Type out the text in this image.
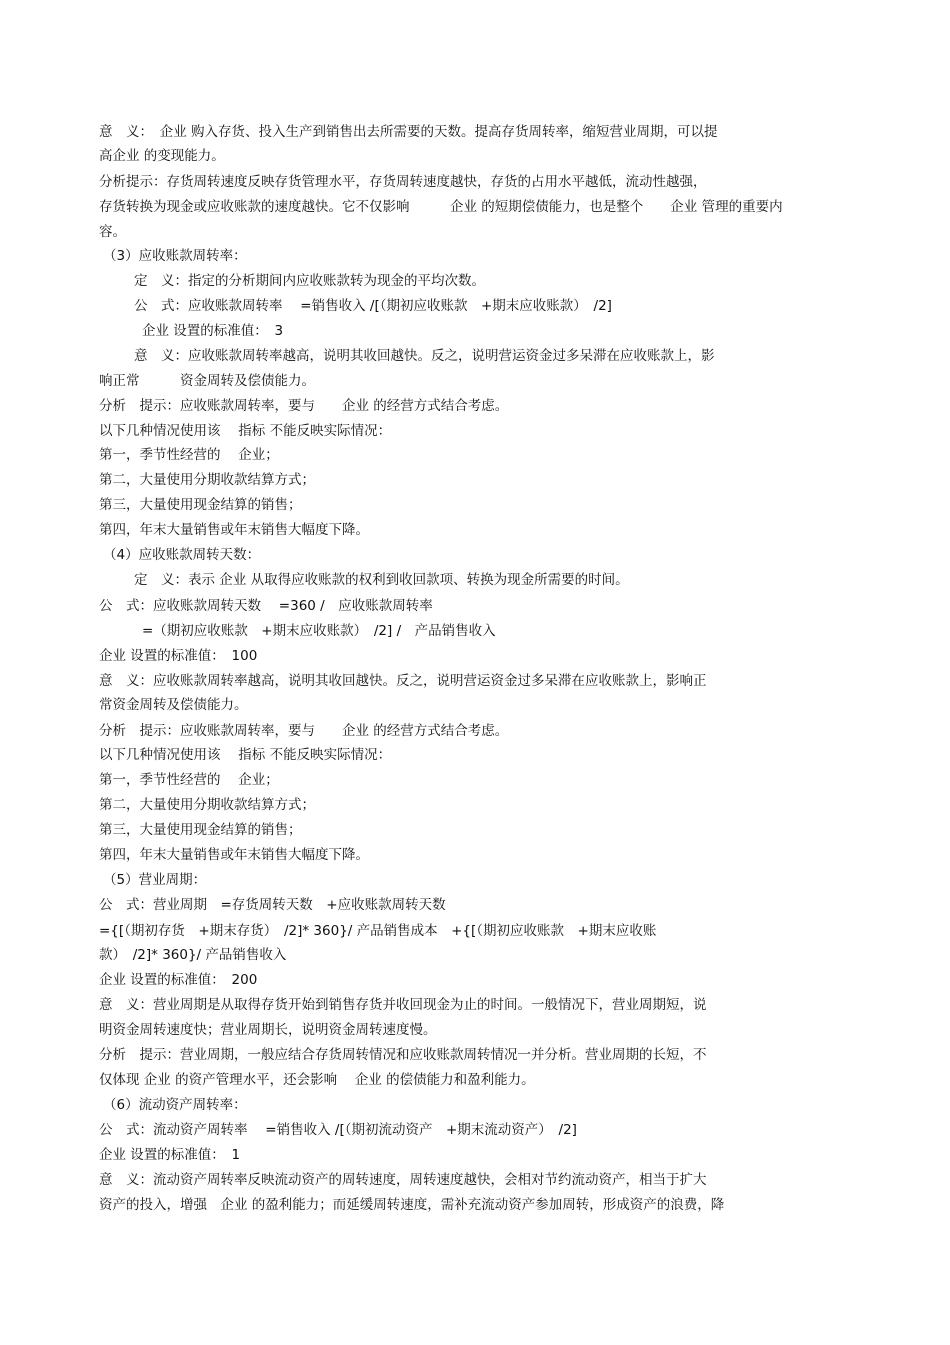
意　义：　企业 购入存货、投入生产到销售出去所需要的天数。提高存货周转率，缩短营业周期，可以提
高企业 的变现能力。
分析提示：存货周转速度反映存货管理水平，存货周转速度越快，存货的占用水平越低，流动性越强，
存货转换为现金或应收账款的速度越快。它不仅影响　　　企业 的短期偿债能力，也是整个　　企业 管理的重要内
容。
（3）应收账款周转率：
定　义：指定的分析期间内应收账款转为现金的平均次数。
公　式：应收账款周转率　 =销售收入 /[（期初应收账款　+期末应收账款）　/2]
企业 设置的标准值：　3
意　义：应收账款周转率越高，说明其收回越快。反之，说明营运资金过多呆滞在应收账款上，影
响正常　　　资金周转及偿债能力。
分析　提示：应收账款周转率，要与　　企业 的经营方式结合考虑。
以下几种情况使用该　 指标 不能反映实际情况：
第一，季节性经营的　 企业；
第二，大量使用分期收款结算方式；
第三，大量使用现金结算的销售；
第四，年末大量销售或年末销售大幅度下降。
（4）应收账款周转天数：
定　义：表示 企业 从取得应收账款的权利到收回款项、转换为现金所需要的时间。
公　式：应收账款周转天数　 =360 /　应收账款周转率
=（期初应收账款　+期末应收账款）　/2] /　产品销售收入
企业 设置的标准值：　100
意　义：应收账款周转率越高，说明其收回越快。反之，说明营运资金过多呆滞在应收账款上，影响正
常资金周转及偿债能力。
分析　提示：应收账款周转率，要与　　企业 的经营方式结合考虑。
以下几种情况使用该　 指标 不能反映实际情况：
第一，季节性经营的　 企业；
第二，大量使用分期收款结算方式；
第三，大量使用现金结算的销售；
第四，年末大量销售或年末销售大幅度下降。
（5）营业周期：
公　式：营业周期　=存货周转天数　+应收账款周转天数
={[（期初存货　+期末存货）　/2]* 360}/ 产品销售成本　+{[（期初应收账款　+期末应收账
款）　/2]* 360}/ 产品销售收入
企业 设置的标准值：　200
意　义：营业周期是从取得存货开始到销售存货并收回现金为止的时间。一般情况下，营业周期短，说
明资金周转速度快；营业周期长，说明资金周转速度慢。
分析　提示：营业周期，一般应结合存货周转情况和应收账款周转情况一并分析。营业周期的长短，不
仅体现 企业 的资产管理水平，还会影响　 企业 的偿债能力和盈利能力。
（6）流动资产周转率：
公　式：流动资产周转率　 =销售收入 /[（期初流动资产　+期末流动资产）　/2]
企业 设置的标准值：　1
意　义：流动资产周转率反映流动资产的周转速度，周转速度越快，会相对节约流动资产，相当于扩大
资产的投入，增强　企业 的盈利能力；而延缓周转速度，需补充流动资产参加周转，形成资产的浪费，降
